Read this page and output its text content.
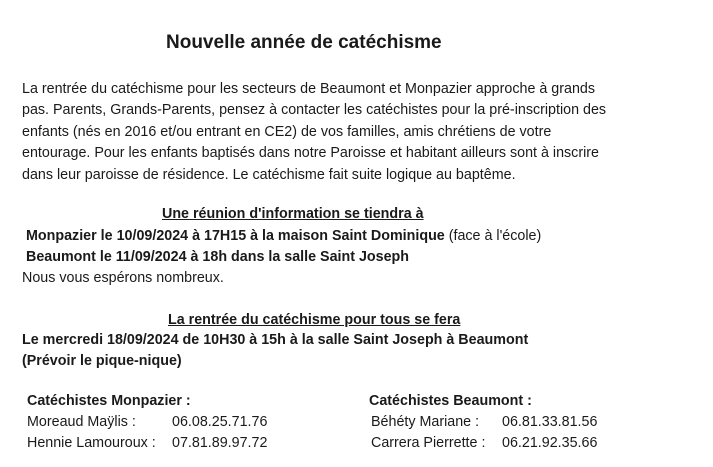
Nouvelle année de catéchisme

La rentrée du catéchisme pour les secteurs de Beaumont et Monpazier approche à grands

pas. Parents, Grands-Parents, pensez à contacter les catéchistes pour la pré-inscription des

enfants (nés en 2016 et/ou entrant en CE2) de vos familles, amis chrétiens de votre

entourage. Pour les enfants baptisés dans notre Paroisse et habitant ailleurs sont à inscrire

dans leur paroisse de résidence. Le catéchisme fait suite logique au baptême.

Une réunion d'information se tiendra à
Monpazier le 10/09/2024 à 17H15 à la maison Saint Dominique (face à l'école)
Beaumont le 11/09/2024 à 18h dans la salle Saint Joseph
Nous vous espérons nombreux.
La rentrée du catéchisme pour tous se fera
Le mercredi 18/09/2024 de 10H30 à 15h à la salle Saint Joseph à Beaumont
(Prévoir le pique-nique)
Catéchistes Monpazier :
Moreaud Maÿlis :	06.08.25.71.76
Hennie Lamouroux : 07.81.89.97.72
Catéchistes Beaumont :
Béhéty Mariane : 06.81.33.81.56
Carrera Pierrette : 06.21.92.35.66
